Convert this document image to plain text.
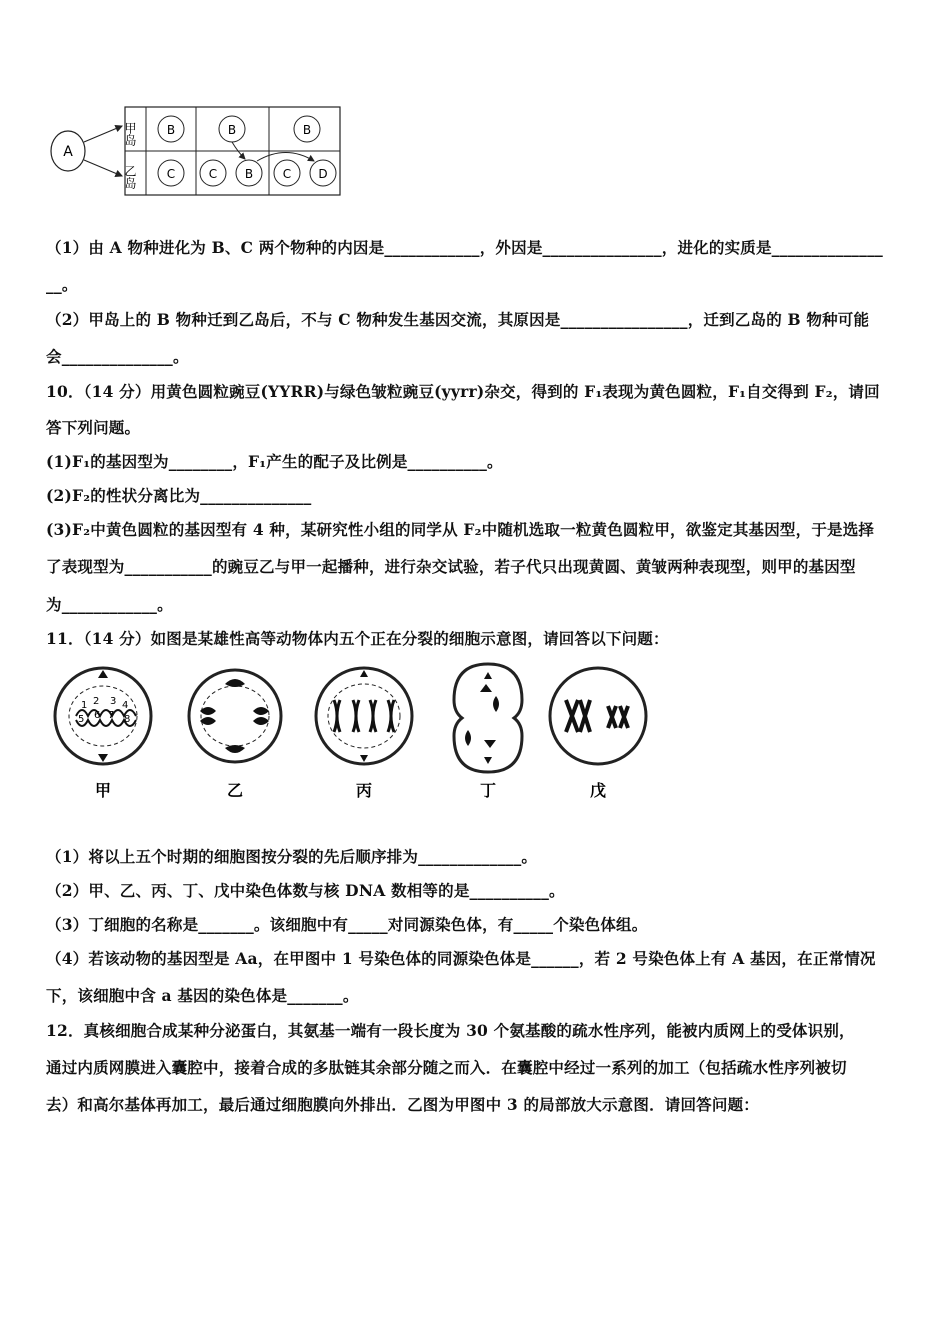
A
甲岛
乙岛
B	B	B
C	C B C D
（1）由 A 物种进化为 B、C 两个物种的内因是____________，外因是_______________，进化的实质是______________
__。
（2）甲岛上的 B 物种迁到乙岛后，不与 C 物种发生基因交流，其原因是________________，迁到乙岛的 B 物种可能
会______________。
10．（14 分）用黄色圆粒豌豆(YYRR)与绿色皱粒豌豆(yyrr)杂交，得到的 F₁表现为黄色圆粒，F₁自交得到 F₂，请回
答下列问题。
(1)F₁的基因型为________，F₁产生的配子及比例是__________。
(2)F₂的性状分离比为______________
(3)F₂中黄色圆粒的基因型有 4 种，某研究性小组的同学从 F₂中随机选取一粒黄色圆粒甲，欲鉴定其基因型，于是选择
了表现型为___________的豌豆乙与甲一起播种，进行杂交试验，若子代只出现黄圆、黄皱两种表现型，则甲的基因型
为____________。
11．（14 分）如图是某雄性高等动物体内五个正在分裂的细胞示意图，请回答以下问题：
1 2 3 4
5 6 7 8
甲	乙	丙	丁	戊
（1）将以上五个时期的细胞图按分裂的先后顺序排为_____________。
（2）甲、乙、丙、丁、戊中染色体数与核 DNA 数相等的是__________。
（3）丁细胞的名称是_______。该细胞中有_____对同源染色体，有_____个染色体组。
（4）若该动物的基因型是 Aa，在甲图中 1 号染色体的同源染色体是______，若 2 号染色体上有 A 基因，在正常情况
下，该细胞中含 a 基因的染色体是_______。
12．真核细胞合成某种分泌蛋白，其氨基一端有一段长度为 30 个氨基酸的疏水性序列，能被内质网上的受体识别，
通过内质网膜进入囊腔中，接着合成的多肽链其余部分随之而入．在囊腔中经过一系列的加工（包括疏水性序列被切
去）和高尔基体再加工，最后通过细胞膜向外排出．乙图为甲图中 3 的局部放大示意图．请回答问题：
